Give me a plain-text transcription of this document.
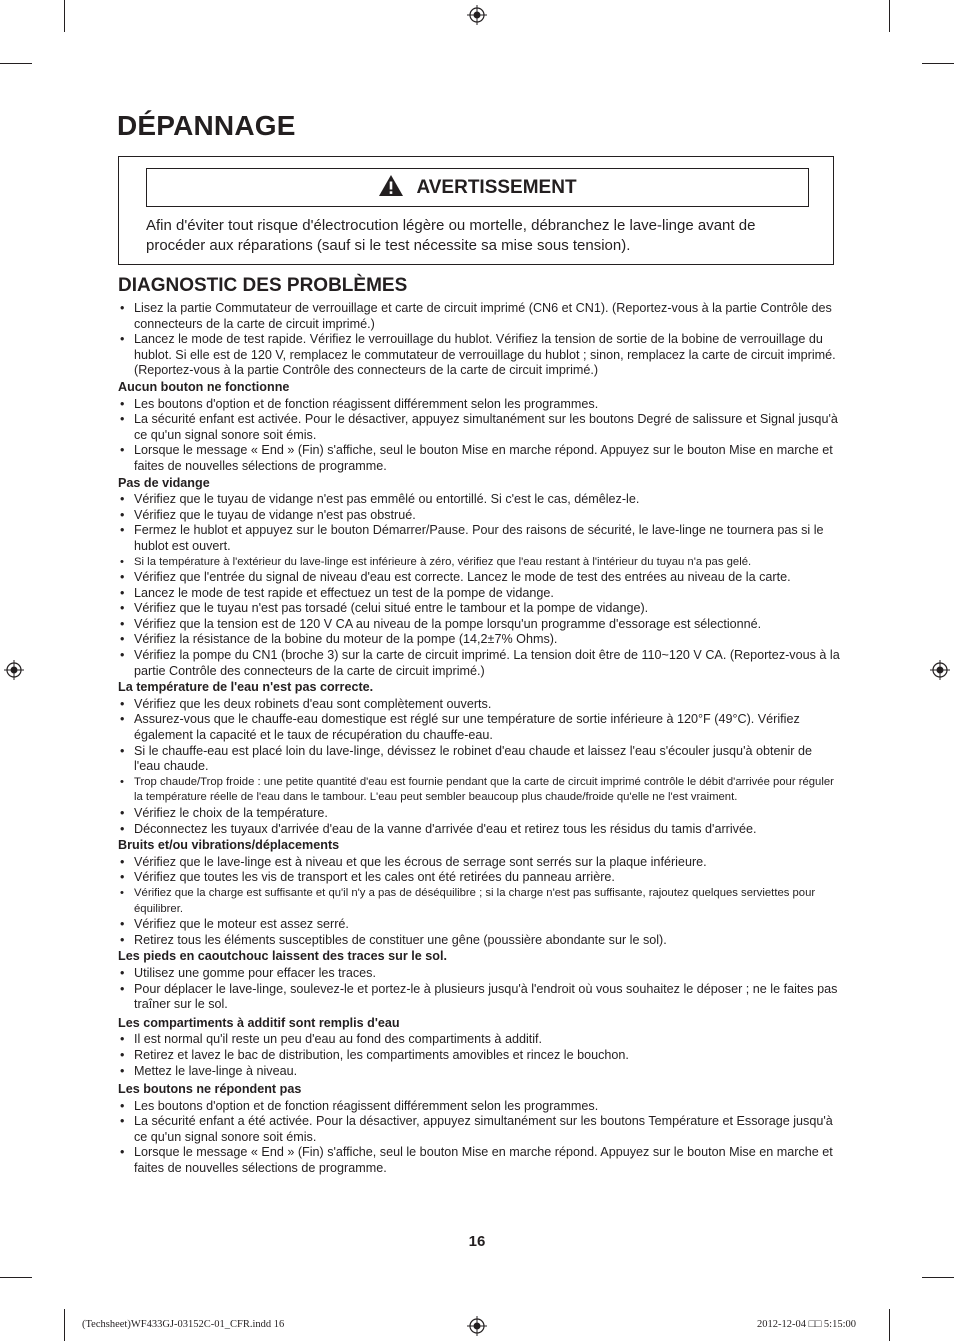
DÉPANNAGE
AVERTISSEMENT
Afin d'éviter tout risque d'électrocution légère ou mortelle, débranchez le lave-linge avant de procéder aux réparations (sauf si le test nécessite sa mise sous tension).
DIAGNOSTIC DES PROBLÈMES
• Lisez la partie Commutateur de verrouillage et carte de circuit imprimé (CN6 et CN1). (Reportez-vous à la partie Contrôle des connecteurs de la carte de circuit imprimé.)
• Lancez le mode de test rapide. Vérifiez le verrouillage du hublot. Vérifiez la tension de sortie de la bobine de verrouillage du hublot. Si elle est de 120 V, remplacez le commutateur de verrouillage du hublot ; sinon, remplacez la carte de circuit imprimé. (Reportez-vous à la partie Contrôle des connecteurs de la carte de circuit imprimé.)
Aucun bouton ne fonctionne
• Les boutons d'option et de fonction réagissent différemment selon les programmes.
• La sécurité enfant est activée. Pour le désactiver, appuyez simultanément sur les boutons Degré de salissure et Signal jusqu'à ce qu'un signal sonore soit émis.
• Lorsque le message « End » (Fin) s'affiche, seul le bouton Mise en marche répond. Appuyez sur le bouton Mise en marche et faites de nouvelles sélections de programme.
Pas de vidange
• Vérifiez que le tuyau de vidange n'est pas emmêlé ou entortillé. Si c'est le cas, démêlez-le.
• Vérifiez que le tuyau de vidange n'est pas obstrué.
• Fermez le hublot et appuyez sur le bouton Démarrer/Pause. Pour des raisons de sécurité, le lave-linge ne tournera pas si le hublot est ouvert.
• Si la température à l'extérieur du lave-linge est inférieure à zéro, vérifiez que l'eau restant à l'intérieur du tuyau n'a pas gelé.
• Vérifiez que l'entrée du signal de niveau d'eau est correcte. Lancez le mode de test des entrées au niveau de la carte.
• Lancez le mode de test rapide et effectuez un test de la pompe de vidange.
• Vérifiez que le tuyau n'est pas torsadé (celui situé entre le tambour et la pompe de vidange).
• Vérifiez que la tension est de 120 V CA au niveau de la pompe lorsqu'un programme d'essorage est sélectionné.
• Vérifiez la résistance de la bobine du moteur de la pompe (14,2±7% Ohms).
• Vérifiez la pompe du CN1 (broche 3) sur la carte de circuit imprimé. La tension doit être de 110~120 V CA. (Reportez-vous à la partie Contrôle des connecteurs de la carte de circuit imprimé.)
La température de l'eau n'est pas correcte.
• Vérifiez que les deux robinets d'eau sont complètement ouverts.
• Assurez-vous que le chauffe-eau domestique est réglé sur une température de sortie inférieure à 120°F (49°C). Vérifiez également la capacité et le taux de récupération du chauffe-eau.
• Si le chauffe-eau est placé loin du lave-linge, dévissez le robinet d'eau chaude et laissez l'eau s'écouler jusqu'à obtenir de l'eau chaude.
• Trop chaude/Trop froide : une petite quantité d'eau est fournie pendant que la carte de circuit imprimé contrôle le débit d'arrivée pour réguler la température réelle de l'eau dans le tambour. L'eau peut sembler beaucoup plus chaude/froide qu'elle ne l'est vraiment.
• Vérifiez le choix de la température.
• Déconnectez les tuyaux d'arrivée d'eau de la vanne d'arrivée d'eau et retirez tous les résidus du tamis d'arrivée.
Bruits et/ou vibrations/déplacements
• Vérifiez que le lave-linge est à niveau et que les écrous de serrage sont serrés sur la plaque inférieure.
• Vérifiez que toutes les vis de transport et les cales ont été retirées du panneau arrière.
• Vérifiez que la charge est suffisante et qu'il n'y a pas de déséquilibre ; si la charge n'est pas suffisante, rajoutez quelques serviettes pour équilibrer.
• Vérifiez que le moteur est assez serré.
• Retirez tous les éléments susceptibles de constituer une gêne (poussière abondante sur le sol).
Les pieds en caoutchouc laissent des traces sur le sol.
• Utilisez une gomme pour effacer les traces.
• Pour déplacer le lave-linge, soulevez-le et portez-le à plusieurs jusqu'à l'endroit où vous souhaitez le déposer ; ne le faites pas traîner sur le sol.
Les compartiments à additif sont remplis d'eau
• Il est normal qu'il reste un peu d'eau au fond des compartiments à additif.
• Retirez et lavez le bac de distribution, les compartiments amovibles et rincez le bouchon.
• Mettez le lave-linge à niveau.
Les boutons ne répondent pas
• Les boutons d'option et de fonction réagissent différemment selon les programmes.
• La sécurité enfant a été activée. Pour la désactiver, appuyez simultanément sur les boutons Température et Essorage jusqu'à ce qu'un signal sonore soit émis.
• Lorsque le message « End » (Fin) s'affiche, seul le bouton Mise en marche répond. Appuyez sur le bouton Mise en marche et faites de nouvelles sélections de programme.
16
(Techsheet)WF433GJ-03152C-01_CFR.indd 16	2012-12-04 □□ 5:15:00
